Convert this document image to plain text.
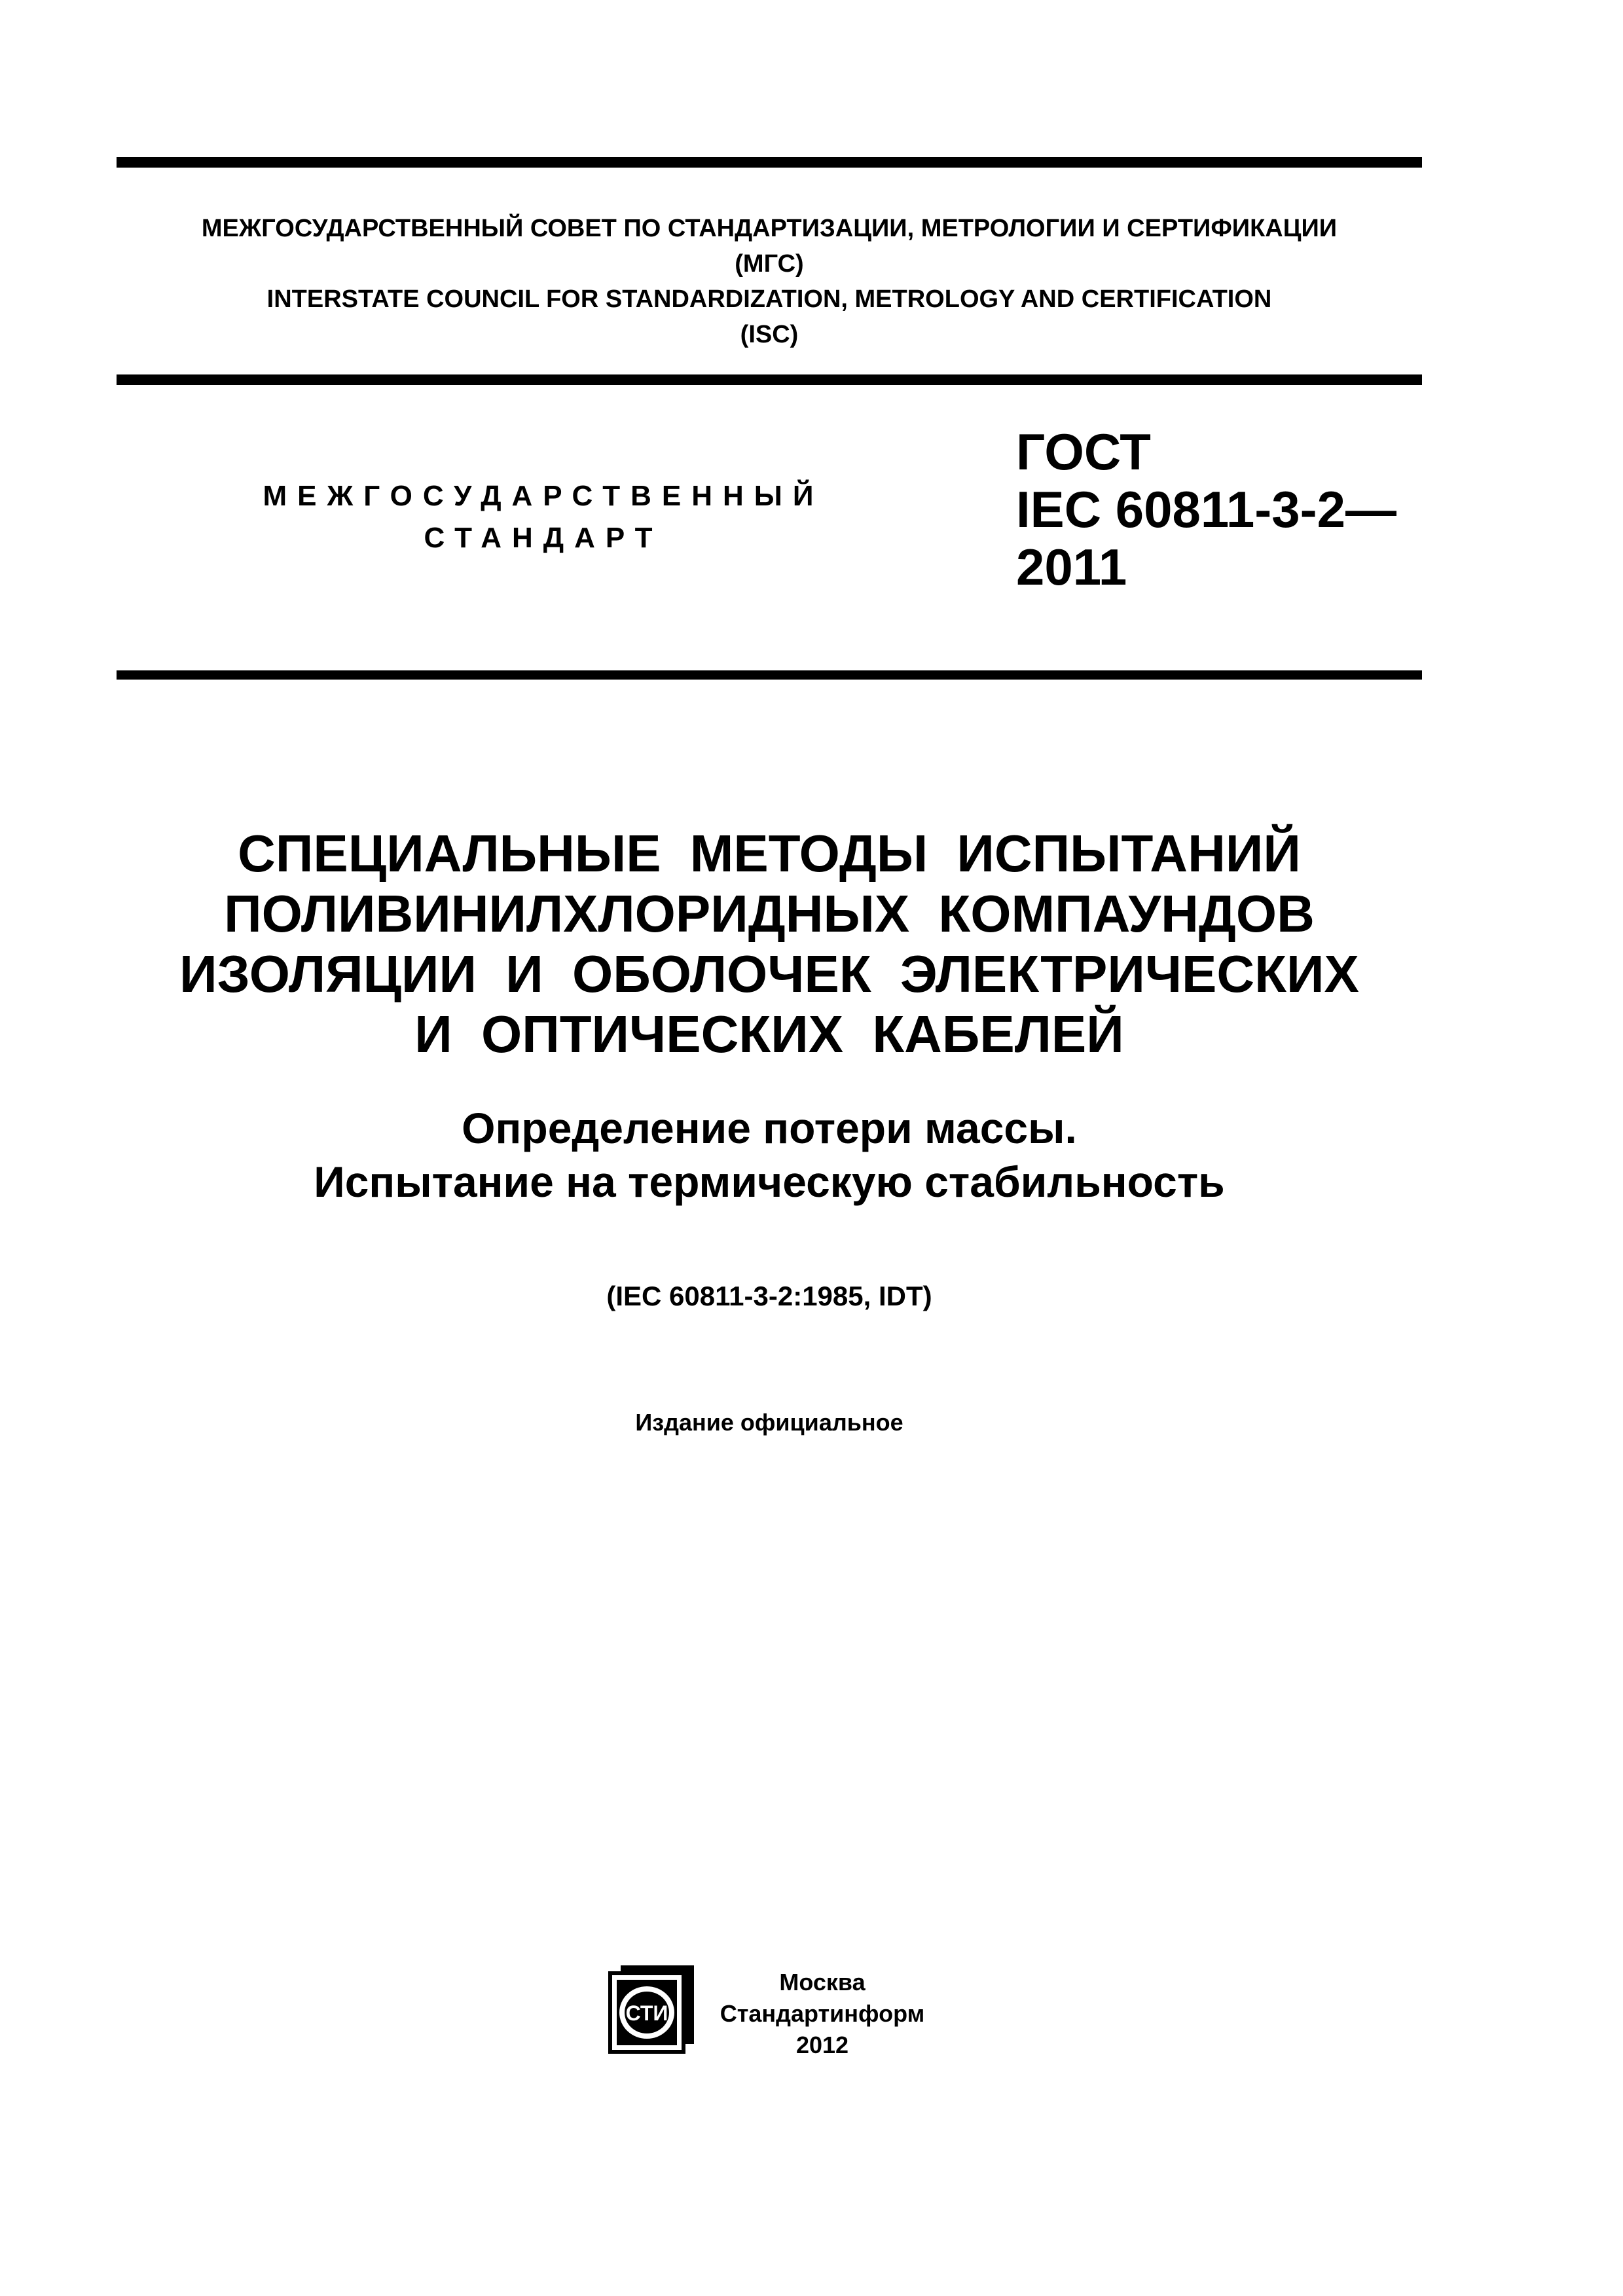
МЕЖГОСУДАРСТВЕННЫЙ СОВЕТ ПО СТАНДАРТИЗАЦИИ, МЕТРОЛОГИИ И СЕРТИФИКАЦИИ
(МГС)
INTERSTATE COUNCIL FOR STANDARDIZATION, METROLOGY AND CERTIFICATION
(ISC)
МЕЖГОСУДАРСТВЕННЫЙ
СТАНДАРТ
ГОСТ
IEC 60811-3-2—
2011
СПЕЦИАЛЬНЫЕ МЕТОДЫ ИСПЫТАНИЙ
ПОЛИВИНИЛХЛОРИДНЫХ КОМПАУНДОВ
ИЗОЛЯЦИИ И ОБОЛОЧЕК ЭЛЕКТРИЧЕСКИХ
И ОПТИЧЕСКИХ КАБЕЛЕЙ
Определение потери массы.
Испытание на термическую стабильность
(IEC 60811-3-2:1985, IDT)
Издание официальное
СТИ
Москва
Стандартинформ
2012
